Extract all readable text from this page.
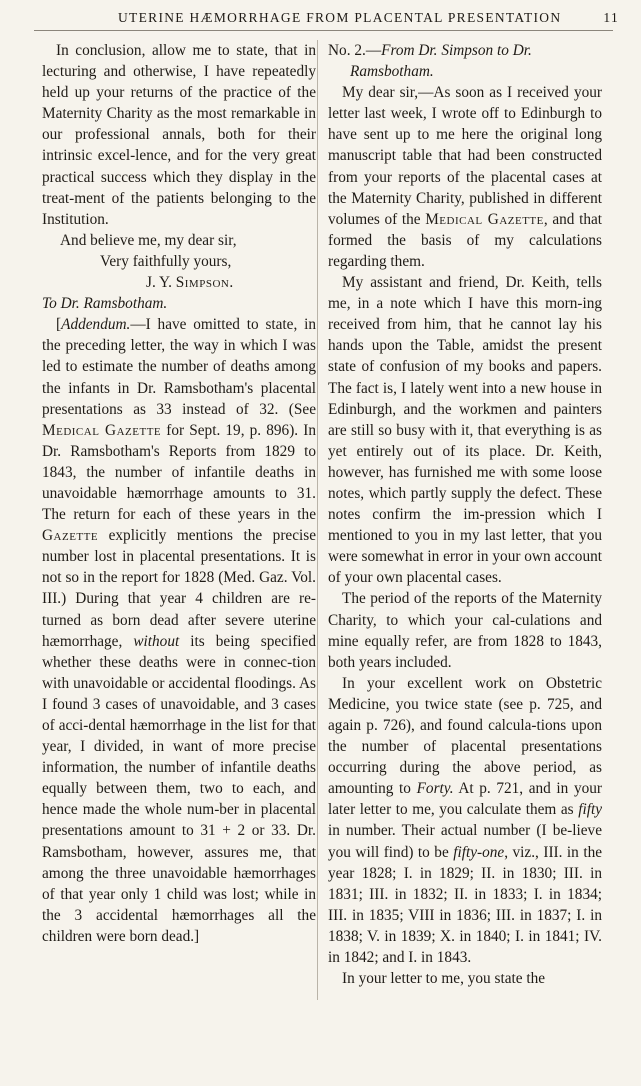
UTERINE HÆMORRHAGE FROM PLACENTAL PRESENTATION	11

In conclusion, allow me to state, that in lecturing and otherwise, I have repeatedly held up your returns of the practice of the Maternity Charity as the most remarkable in our professional annals, both for their intrinsic excel-lence, and for the very great practical success which they display in the treat-ment of the patients belonging to the Institution.

And believe me, my dear sir,

Very faithfully yours,

J. Y. Simpson.

To Dr. Ramsbotham.

[Addendum.—I have omitted to state, in the preceding letter, the way in which I was led to estimate the number of deaths among the infants in Dr. Ramsbotham's placental presentations as 33 instead of 32. (See Medical Gazette for Sept. 19, p. 896). In Dr. Ramsbotham's Reports from 1829 to 1843, the number of infantile deaths in unavoidable hæmorrhage amounts to 31. The return for each of these years in the Gazette explicitly mentions the precise number lost in placental presentations. It is not so in the report for 1828 (Med. Gaz. Vol. III.) During that year 4 children are re-turned as born dead after severe uterine hæmorrhage, without its being specified whether these deaths were in connec-tion with unavoidable or accidental floodings. As I found 3 cases of unavoidable, and 3 cases of acci-dental hæmorrhage in the list for that year, I divided, in want of more precise information, the number of infantile deaths equally between them, two to each, and hence made the whole num-ber in placental presentations amount to 31 + 2 or 33. Dr. Ramsbotham, however, assures me, that among the three unavoidable hæmorrhages of that year only 1 child was lost; while in the 3 accidental hæmorrhages all the children were born dead.]

No. 2.—From Dr. Simpson to Dr.
Ramsbotham.

My dear sir,—As soon as I received your letter last week, I wrote off to Edinburgh to have sent up to me here the original long manuscript table that had been constructed from your reports of the placental cases at the Maternity Charity, published in different volumes of the Medical Gazette, and that formed the basis of my calculations regarding them.

My assistant and friend, Dr. Keith, tells me, in a note which I have this morn-ing received from him, that he cannot lay his hands upon the Table, amidst the present state of confusion of my books and papers. The fact is, I lately went into a new house in Edinburgh, and the workmen and painters are still so busy with it, that everything is as yet entirely out of its place. Dr. Keith, however, has furnished me with some loose notes, which partly supply the defect. These notes confirm the im-pression which I mentioned to you in my last letter, that you were somewhat in error in your own account of your own placental cases.

The period of the reports of the Maternity Charity, to which your cal-culations and mine equally refer, are from 1828 to 1843, both years included.

In your excellent work on Obstetric Medicine, you twice state (see p. 725, and again p. 726), and found calcula-tions upon the number of placental presentations occurring during the above period, as amounting to Forty. At p. 721, and in your later letter to me, you calculate them as fifty in number. Their actual number (I be-lieve you will find) to be fifty-one, viz., III. in the year 1828; I. in 1829; II. in 1830; III. in 1831; III. in 1832; II. in 1833; I. in 1834; III. in 1835; VIII in 1836; III. in 1837; I. in 1838; V. in 1839; X. in 1840; I. in 1841; IV. in 1842; and I. in 1843.

In your letter to me, you state the
